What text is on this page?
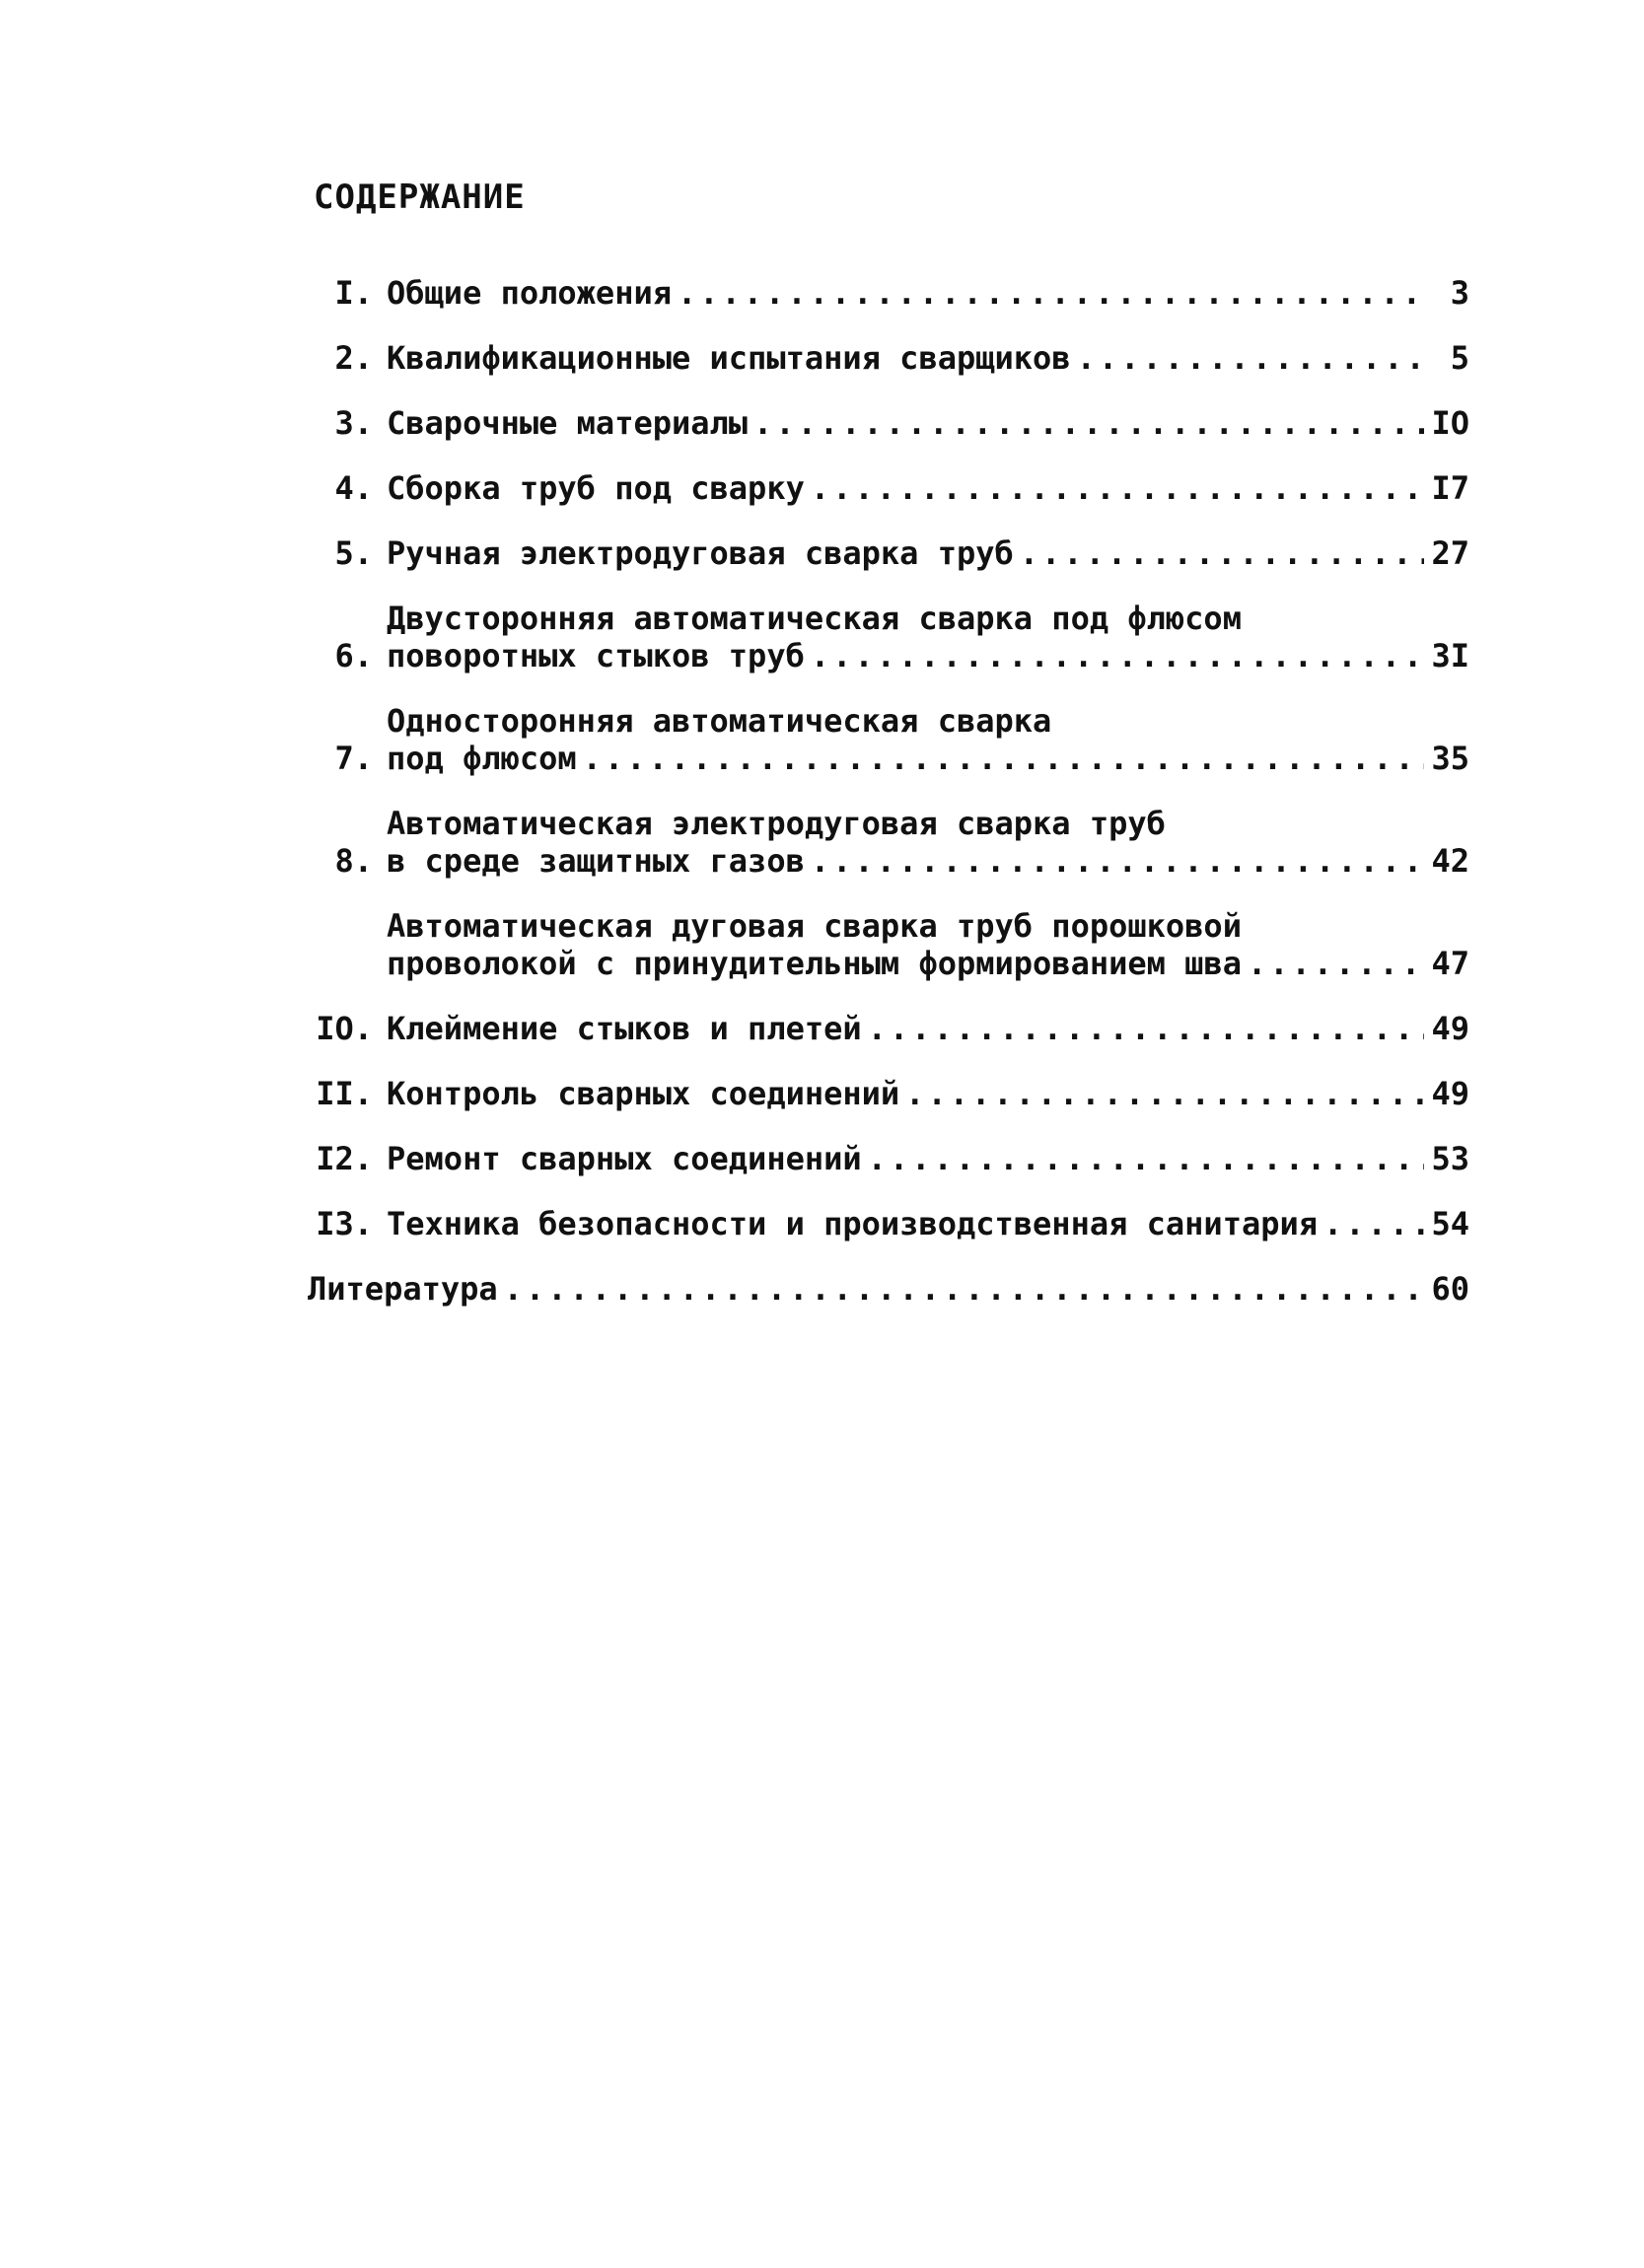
СОДЕРЖАНИЕ
I. Общие положения .....	3
2. Квалификационные испытания сварщиков .....	5
3. Сварочные материалы .....	IO
4. Сборка труб под сварку .....	I7
5. Ручная электродуговая сварка труб .....	27
6.
Двусторонняя автоматическая сварка под флюсом
поворотных стыков труб .....	3I
7.
Односторонняя автоматическая сварка
под флюсом .....	35
8.
Автоматическая электродуговая сварка труб
в среде защитных газов .....	42
Автоматическая дуговая сварка труб порошковой
проволокой с принудительным формированием шва .....	47
IO. Клеймение стыков и плетей .....	49
II. Контроль сварных соединений .....	49
I2. Ремонт сварных соединений .....	53
I3. Техника безопасности и производственная санитария .....	54
Литература .....	60
